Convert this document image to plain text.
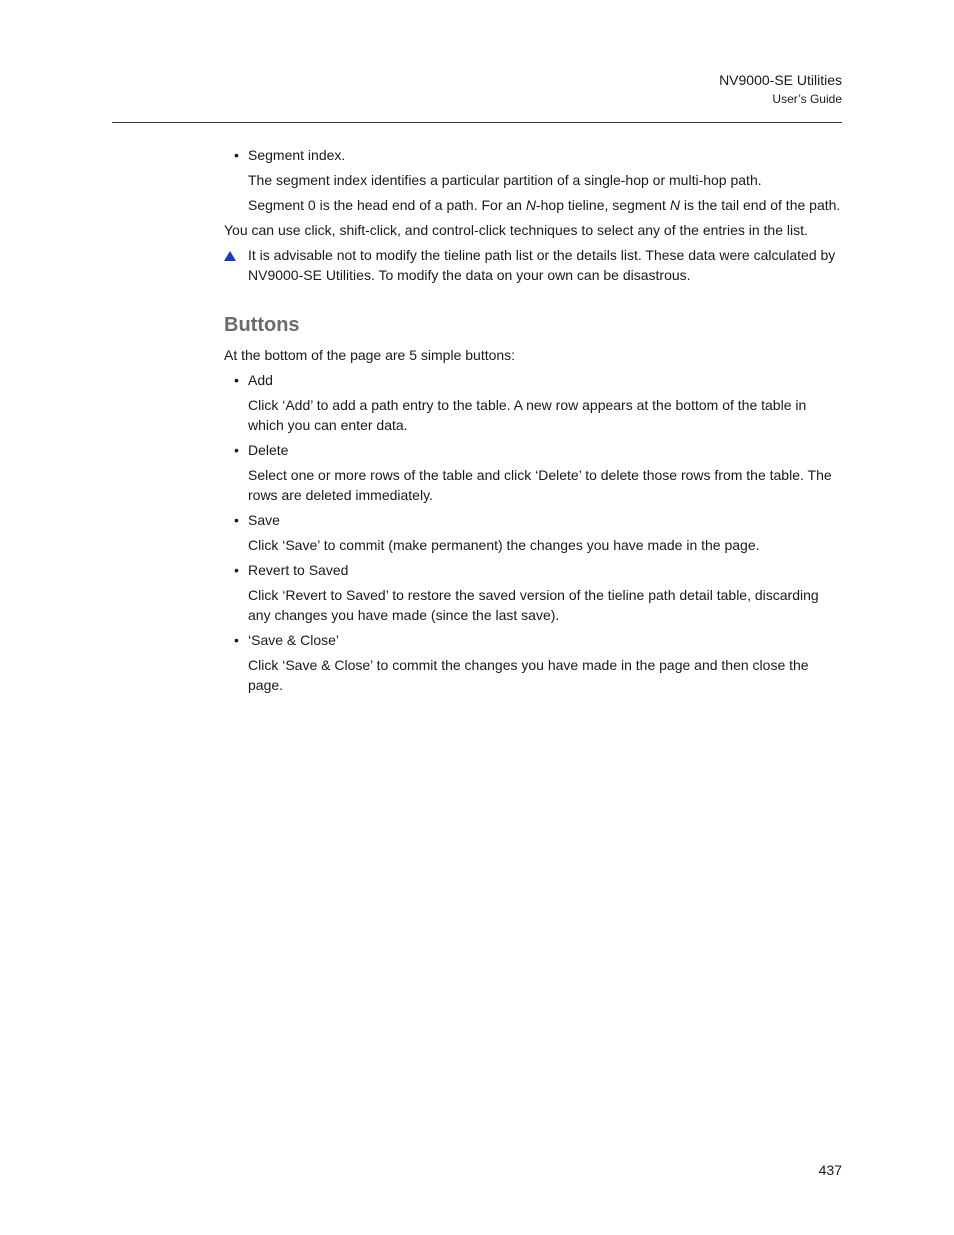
NV9000-SE Utilities
User’s Guide
• Segment index.

The segment index identifies a particular partition of a single-hop or multi-hop path.

Segment 0 is the head end of a path. For an N-hop tieline, segment N is the tail end of the path.

You can use click, shift-click, and control-click techniques to select any of the entries in the list.

It is advisable not to modify the tieline path list or the details list. These data were calculated by NV9000-SE Utilities. To modify the data on your own can be disastrous.
Buttons

At the bottom of the page are 5 simple buttons:

• Add

Click ‘Add’ to add a path entry to the table. A new row appears at the bottom of the table in which you can enter data.

• Delete

Select one or more rows of the table and click ‘Delete’ to delete those rows from the table. The rows are deleted immediately.

• Save

Click ‘Save’ to commit (make permanent) the changes you have made in the page.

• Revert to Saved

Click ‘Revert to Saved’ to restore the saved version of the tieline path detail table, discarding any changes you have made (since the last save).

• ‘Save & Close’

Click ‘Save & Close’ to commit the changes you have made in the page and then close the page.

437
